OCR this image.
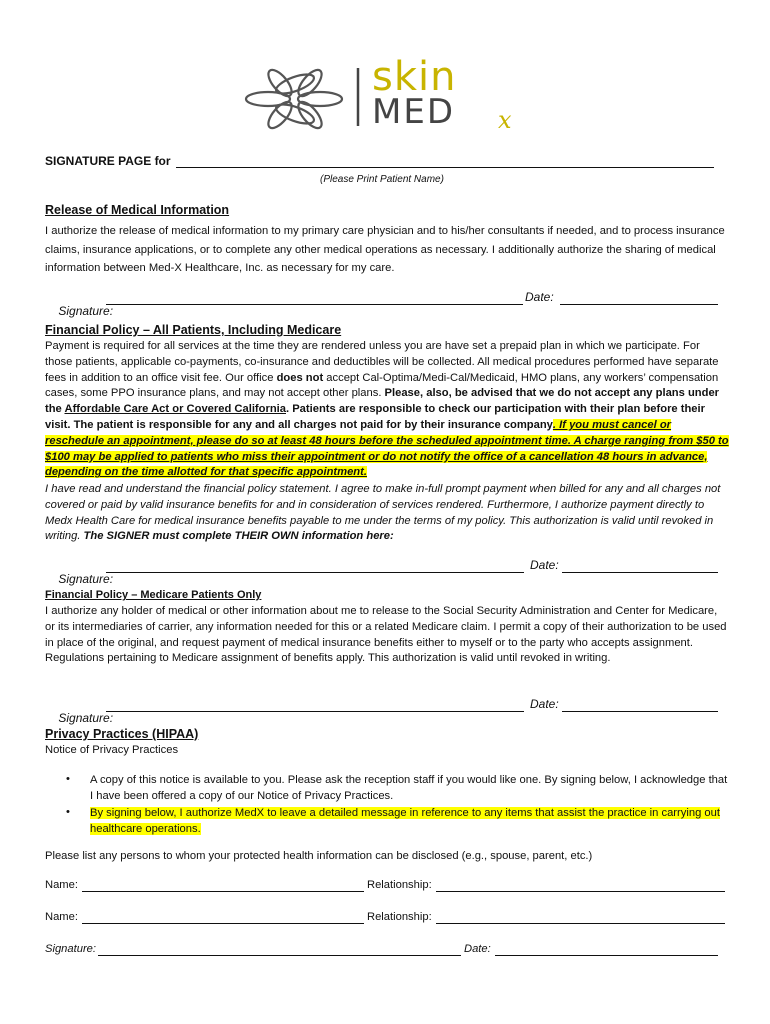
skin
MED x
SIGNATURE PAGE for
(Please Print Patient Name)
Release of Medical Information

I authorize the release of medical information to my primary care physician and to his/her consultants if needed, and to process insurance claims, insurance applications, or to complete any other medical operations as necessary. I additionally authorize the sharing of medical information between Med-X Healthcare, Inc. as necessary for my care.

Signature:

Date:
Financial Policy – All Patients, Including Medicare

Payment is required for all services at the time they are rendered unless you are have set a prepaid plan in which we participate. For those patients, applicable co-payments, co-insurance and deductibles will be collected. All medical procedures performed have separate fees in addition to an office visit fee. Our office does not accept Cal-Optima/Medi-Cal/Medicaid, HMO plans, any workers’ compensation cases, some PPO insurance plans, and may not accept other plans. Please, also, be advised that we do not accept any plans under the Affordable Care Act or Covered California. Patients are responsible to check our participation with their plan before their visit. The patient is responsible for any and all charges not paid for by their insurance company. If you must cancel or reschedule an appointment, please do so at least 48 hours before the scheduled appointment time. A charge ranging from $50 to $100 may be applied to patients who miss their appointment or do not notify the office of a cancellation 48 hours in advance, depending on the time allotted for that specific appointment.

I have read and understand the financial policy statement. I agree to make in-full prompt payment when billed for any and all charges not covered or paid by valid insurance benefits for and in consideration of services rendered. Furthermore, I authorize payment directly to Medx Health Care for medical insurance benefits payable to me under the terms of my policy. This authorization is valid until revoked in writing. The SIGNER must complete THEIR OWN information here:

Signature:

Date:
Financial Policy – Medicare Patients Only

I authorize any holder of medical or other information about me to release to the Social Security Administration and Center for Medicare, or its intermediaries of carrier, any information needed for this or a related Medicare claim. I permit a copy of their authorization to be used in place of the original, and request payment of medical insurance benefits either to myself or to the party who accepts assignment. Regulations pertaining to Medicare assignment of benefits apply. This authorization is valid until revoked in writing.

Signature:

Date:
Privacy Practices (HIPAA)
Notice of Privacy Practices
• A copy of this notice is available to you. Please ask the reception staff if you would like one. By signing below, I acknowledge that I have been offered a copy of our Notice of Privacy Practices.

• By signing below, I authorize MedX to leave a detailed message in reference to any items that assist the practice in carrying out healthcare operations.

Please list any persons to whom your protected health information can be disclosed (e.g., spouse, parent, etc.)
Name:	Relationship:
Name:	Relationship:
Signature:	Date:
